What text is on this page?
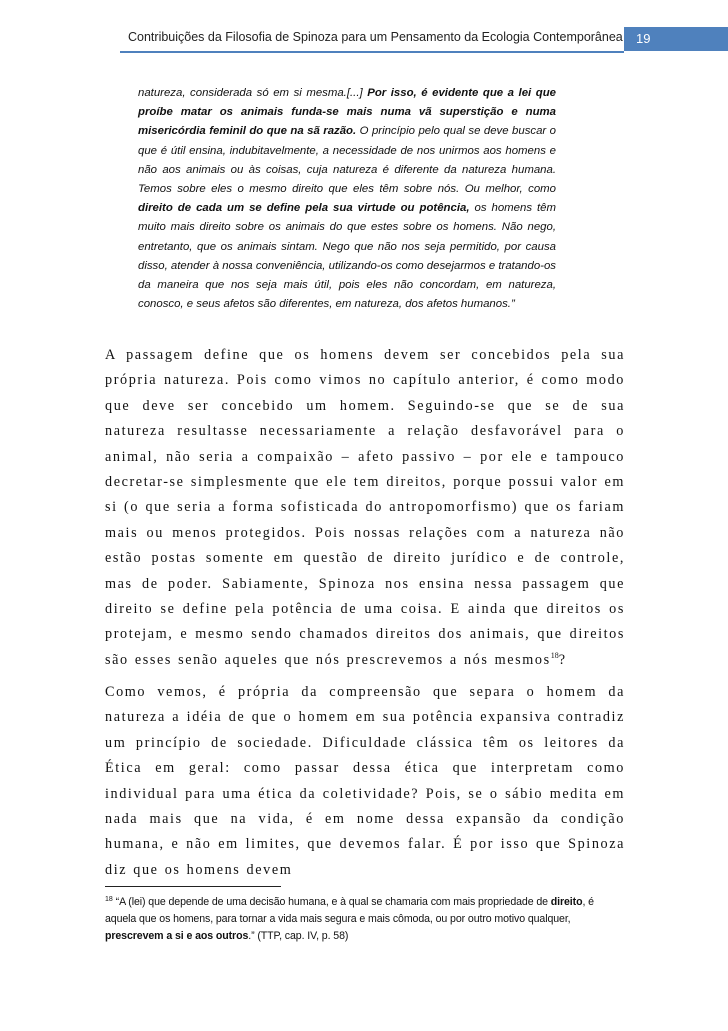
Contribuições da Filosofia de Spinoza para um Pensamento da Ecologia Contemporânea	19
natureza, considerada só em si mesma.[...] Por isso, é evidente que a lei que proíbe matar os animais funda-se mais numa vã superstição e numa misericórdia feminil do que na sã razão. O princípio pelo qual se deve buscar o que é útil ensina, indubitavelmente, a necessidade de nos unirmos aos homens e não aos animais ou às coisas, cuja natureza é diferente da natureza humana. Temos sobre eles o mesmo direito que eles têm sobre nós. Ou melhor, como direito de cada um se define pela sua virtude ou potência, os homens têm muito mais direito sobre os animais do que estes sobre os homens. Não nego, entretanto, que os animais sintam. Nego que não nos seja permitido, por causa disso, atender à nossa conveniência, utilizando-os como desejarmos e tratando-os da maneira que nos seja mais útil, pois eles não concordam, em natureza, conosco, e seus afetos são diferentes, em natureza, dos afetos humanos.”
A passagem define que os homens devem ser concebidos pela sua própria natureza. Pois como vimos no capítulo anterior, é como modo que deve ser concebido um homem. Seguindo-se que se de sua natureza resultasse necessariamente a relação desfavorável para o animal, não seria a compaixão – afeto passivo – por ele e tampouco decretar-se simplesmente que ele tem direitos, porque possui valor em si (o que seria a forma sofisticada do antropomorfismo) que os fariam mais ou menos protegidos. Pois nossas relações com a natureza não estão postas somente em questão de direito jurídico e de controle, mas de poder. Sabiamente, Spinoza nos ensina nessa passagem que direito se define pela potência de uma coisa. E ainda que direitos os protejam, e mesmo sendo chamados direitos dos animais, que direitos são esses senão aqueles que nós prescrevemos a nós mesmos$^{18}$?
Como vemos, é própria da compreensão que separa o homem da natureza a idéia de que o homem em sua potência expansiva contradiz um princípio de sociedade. Dificuldade clássica têm os leitores da Ética em geral: como passar dessa ética que interpretam como individual para uma ética da coletividade? Pois, se o sábio medita em nada mais que na vida, é em nome dessa expansão da condição humana, e não em limites, que devemos falar. É por isso que Spinoza diz que os homens devem
$^{18}$ “A (lei) que depende de uma decisão humana, e à qual se chamaria com mais propriedade de direito, é aquela que os homens, para tornar a vida mais segura e mais cômoda, ou por outro motivo qualquer, prescrevem a si e aos outros.” (TTP, cap. IV, p. 58)
